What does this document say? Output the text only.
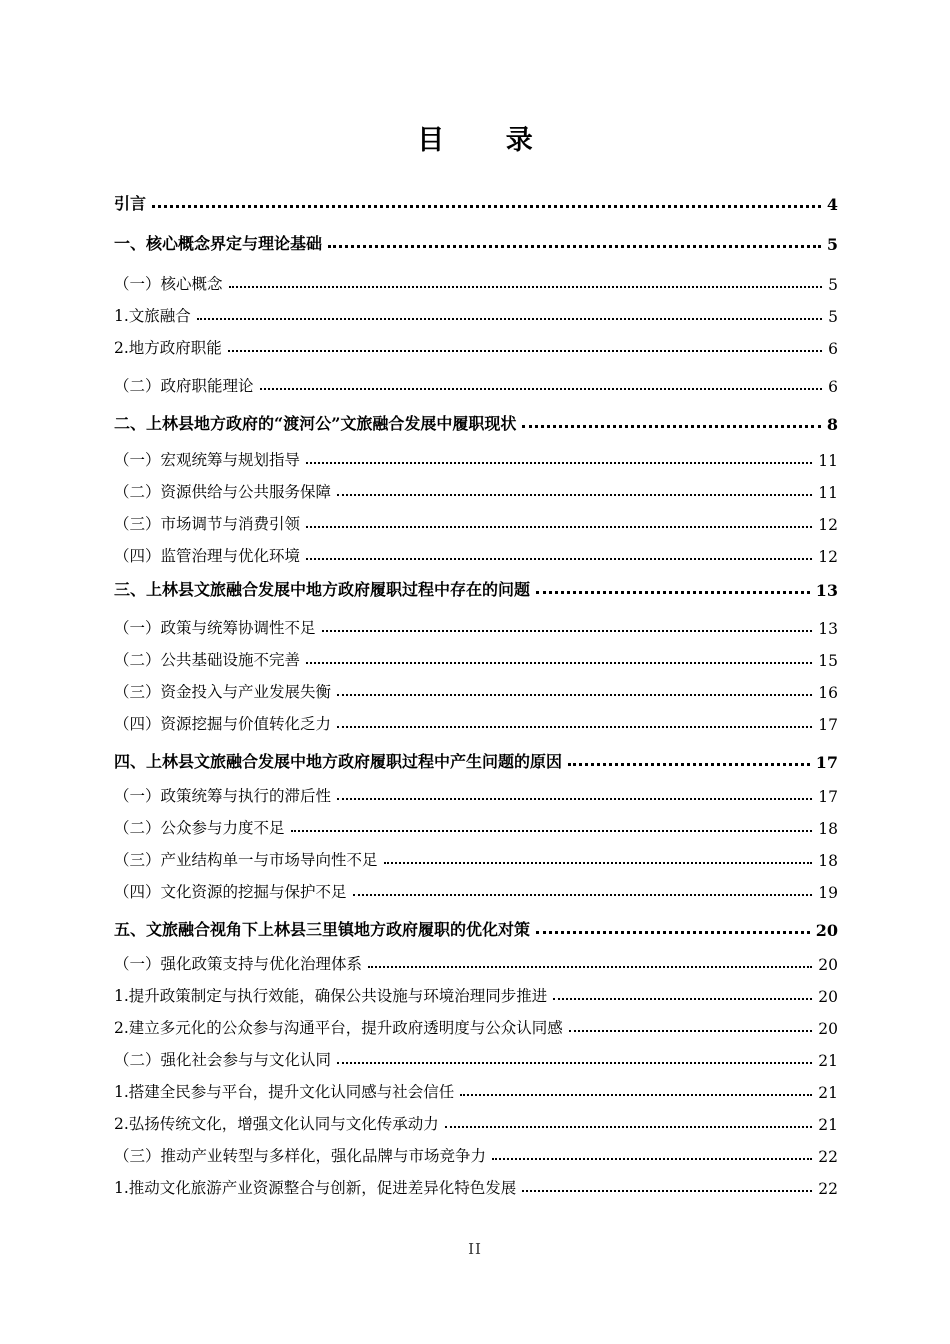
目 录
引言	4
一、核心概念界定与理论基础	5
（一）核心概念	5
1.文旅融合	5
2.地方政府职能	6
（二）政府职能理论	6
二、上林县地方政府的“渡河公”文旅融合发展中履职现状	8
（一）宏观统筹与规划指导	11
（二）资源供给与公共服务保障	11
（三）市场调节与消费引领	12
（四）监管治理与优化环境	12
三、上林县文旅融合发展中地方政府履职过程中存在的问题	13
（一）政策与统筹协调性不足	13
（二）公共基础设施不完善	15
（三）资金投入与产业发展失衡	16
（四）资源挖掘与价值转化乏力	17
四、上林县文旅融合发展中地方政府履职过程中产生问题的原因	17
（一）政策统筹与执行的滞后性	17
（二）公众参与力度不足	18
（三）产业结构单一与市场导向性不足	18
（四）文化资源的挖掘与保护不足	19
五、文旅融合视角下上林县三里镇地方政府履职的优化对策	20
（一）强化政策支持与优化治理体系	20
1.提升政策制定与执行效能，确保公共设施与环境治理同步推进	20
2.建立多元化的公众参与沟通平台，提升政府透明度与公众认同感	20
（二）强化社会参与与文化认同	21
1.搭建全民参与平台，提升文化认同感与社会信任	21
2.弘扬传统文化，增强文化认同与文化传承动力	21
（三）推动产业转型与多样化，强化品牌与市场竞争力	22
1.推动文化旅游产业资源整合与创新，促进差异化特色发展	22
II
